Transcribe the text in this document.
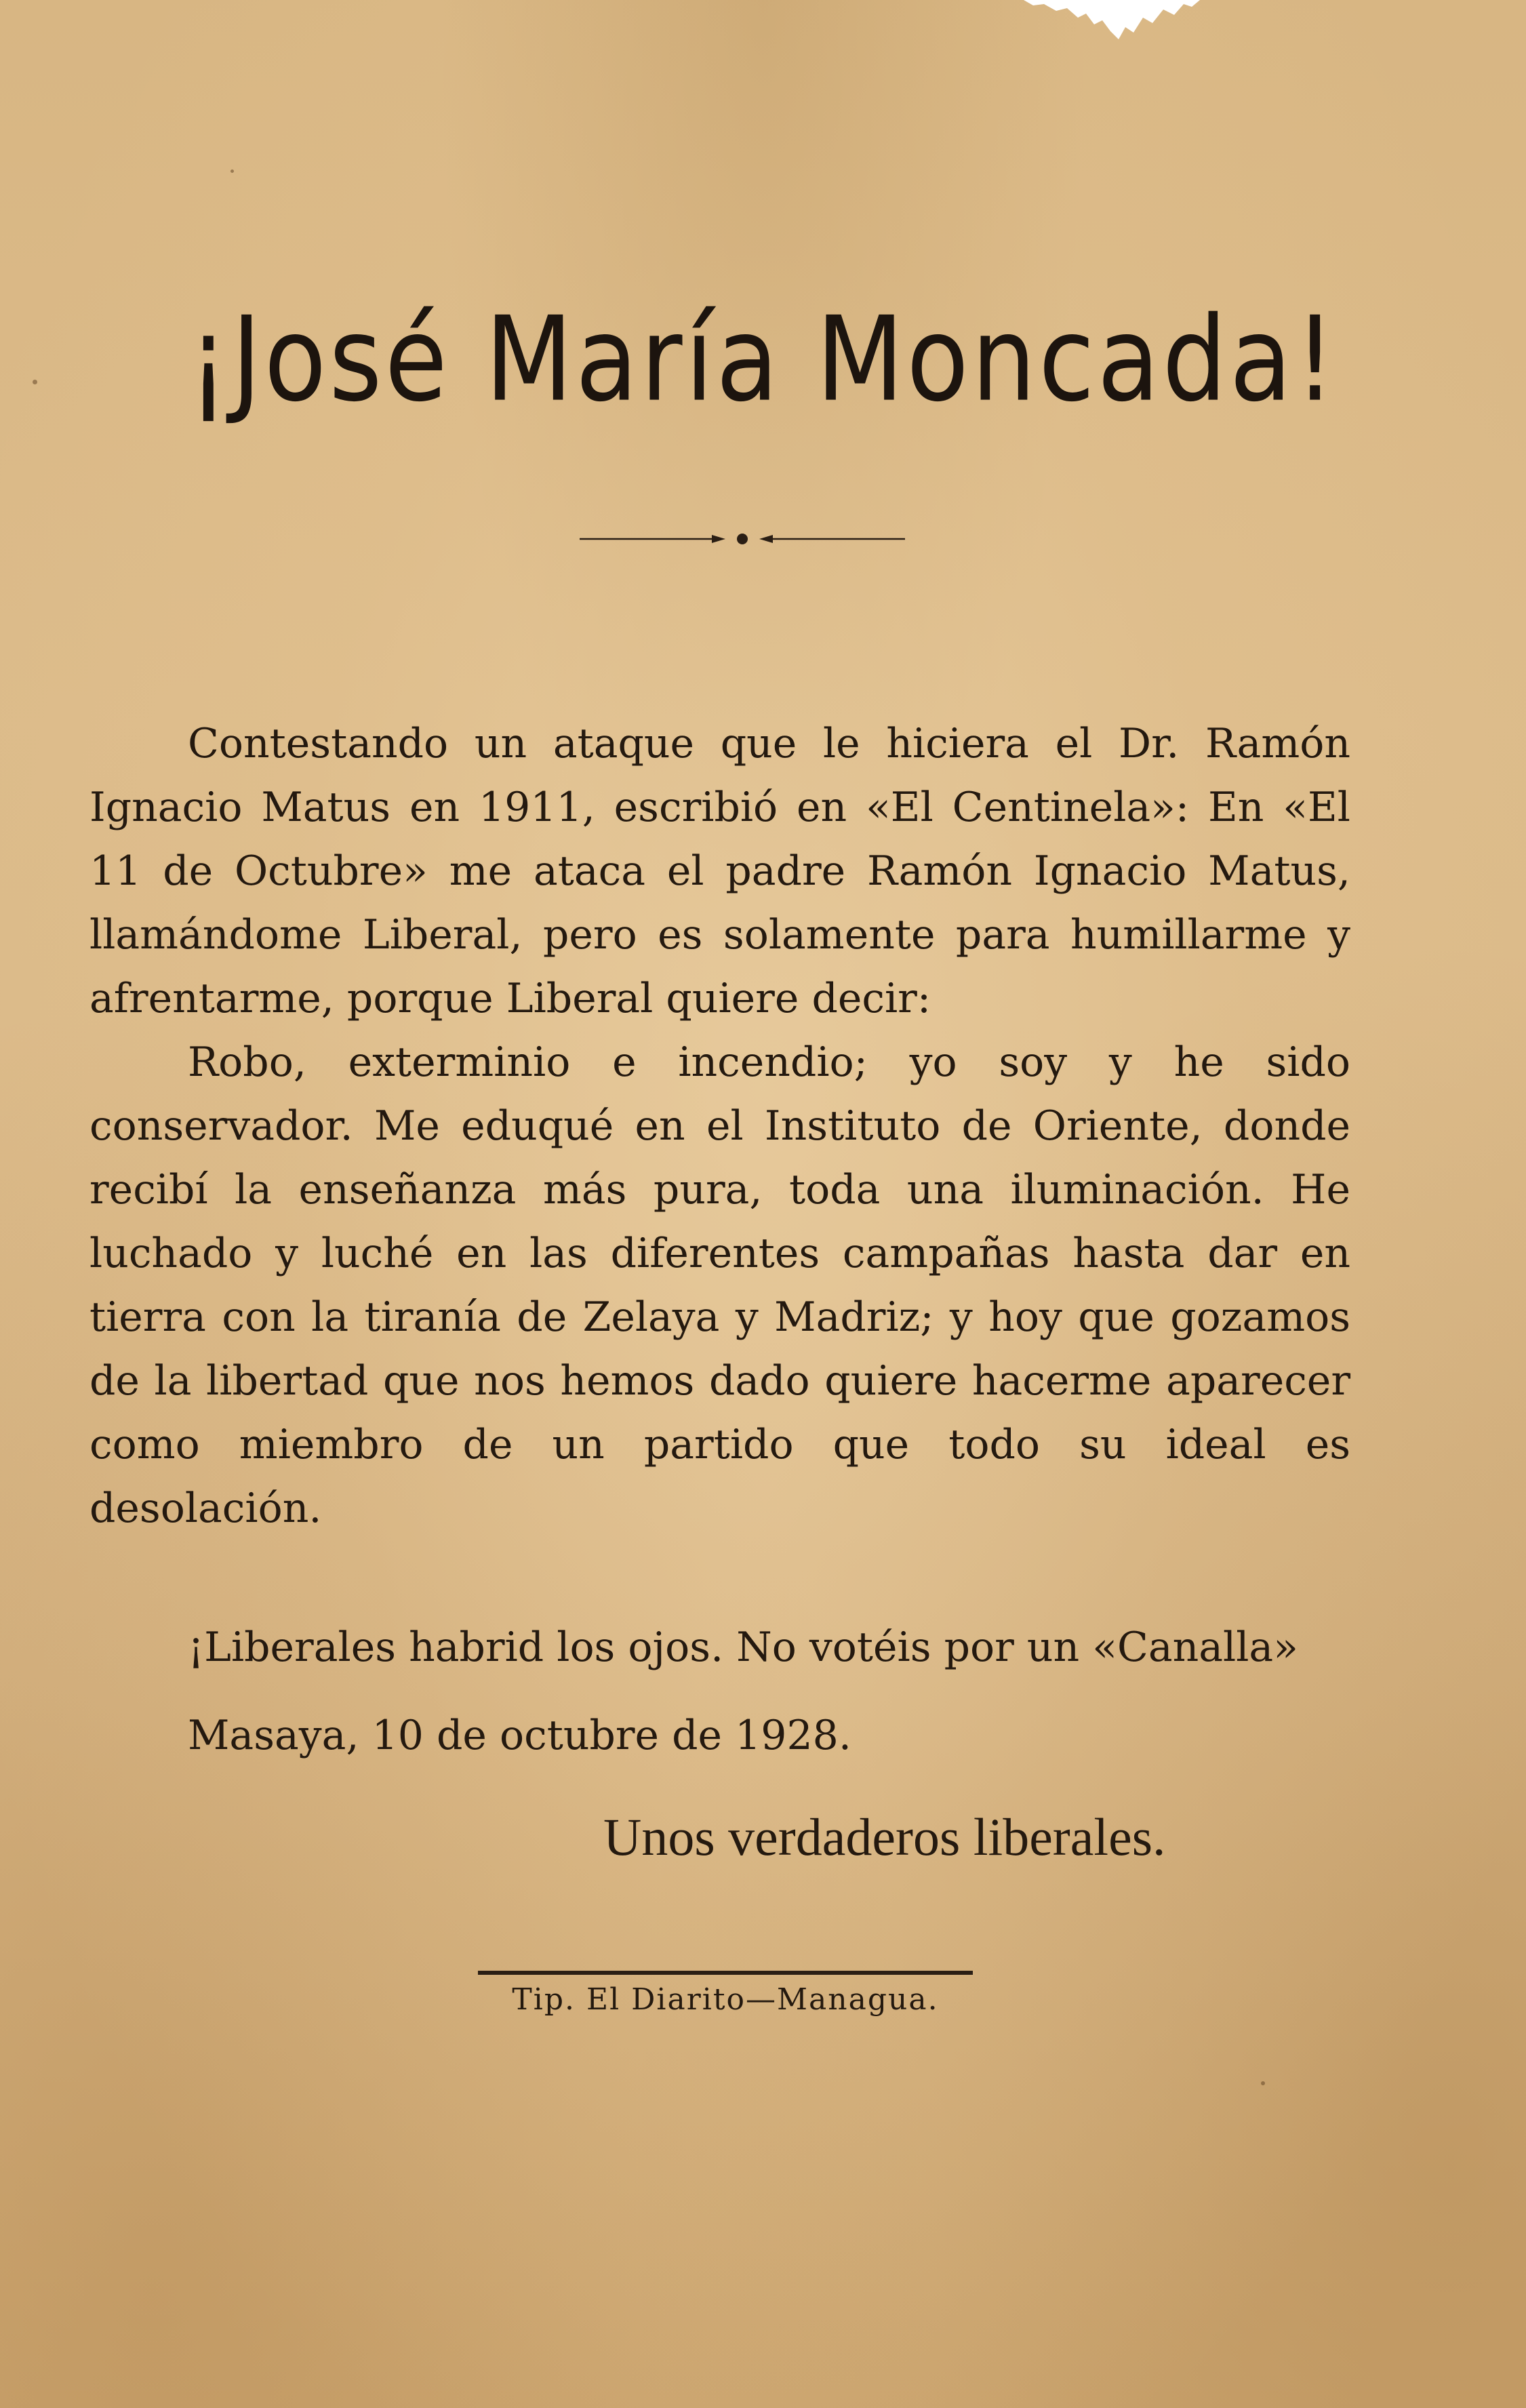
¡José María Moncada!

Contestando un ataque que le hiciera el Dr. Ramón Ignacio Matus en 1911, escribió en «El Centinela»: En «El 11 de Octubre» me ataca el padre Ramón Ignacio Matus, llamándome Liberal, pero es solamente para humillarme y afrentarme, porque Liberal quiere decir:

Robo, exterminio e incendio; yo soy y he sido conservador. Me eduqué en el Instituto de Oriente, donde recibí la enseñanza más pura, toda una iluminación. He luchado y luché en las diferentes campañas hasta dar en tierra con la tiranía de Zelaya y Madriz; y hoy que gozamos de la libertad que nos hemos dado quiere hacerme aparecer como miembro de un partido que todo su ideal es desolación.

¡Liberales habrid los ojos. No votéis por un «Canalla»
Masaya, 10 de octubre de 1928.
Unos verdaderos liberales.
Tip. El Diarito—Managua.
